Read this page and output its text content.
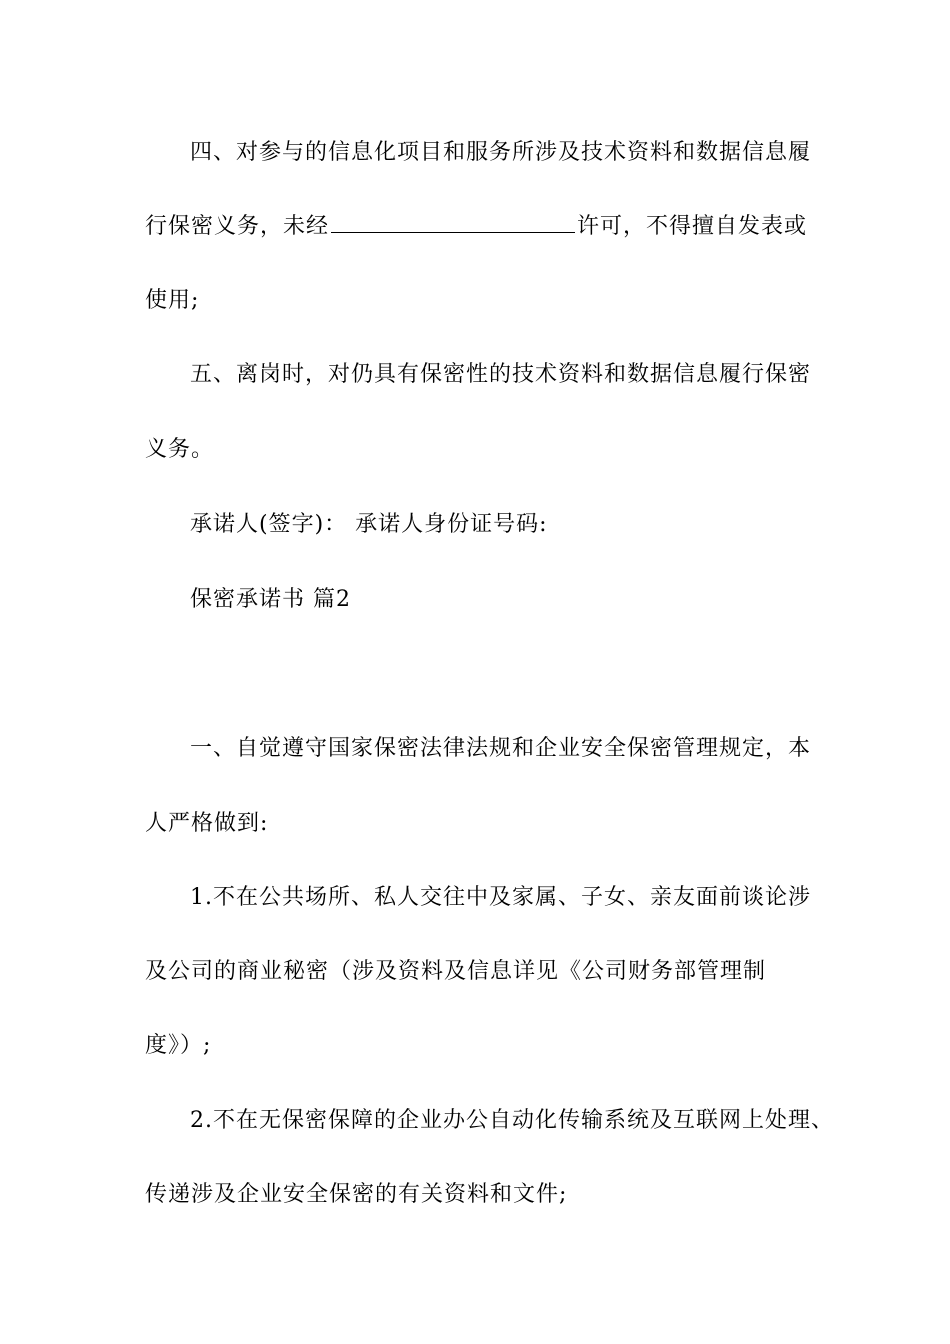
四、对参与的信息化项目和服务所涉及技术资料和数据信息履
行保密义务，未经	许可，不得擅自发表或
使用;
五、离岗时，对仍具有保密性的技术资料和数据信息履行保密
义务。
承诺人(签字)： 承诺人身份证号码:
保密承诺书 篇2
一、自觉遵守国家保密法律法规和企业安全保密管理规定，本
人严格做到:
1.不在公共场所、私人交往中及家属、子女、亲友面前谈论涉
及公司的商业秘密（涉及资料及信息详见《公司财务部管理制
度》）;
2.不在无保密保障的企业办公自动化传输系统及互联网上处理、
传递涉及企业安全保密的有关资料和文件;
